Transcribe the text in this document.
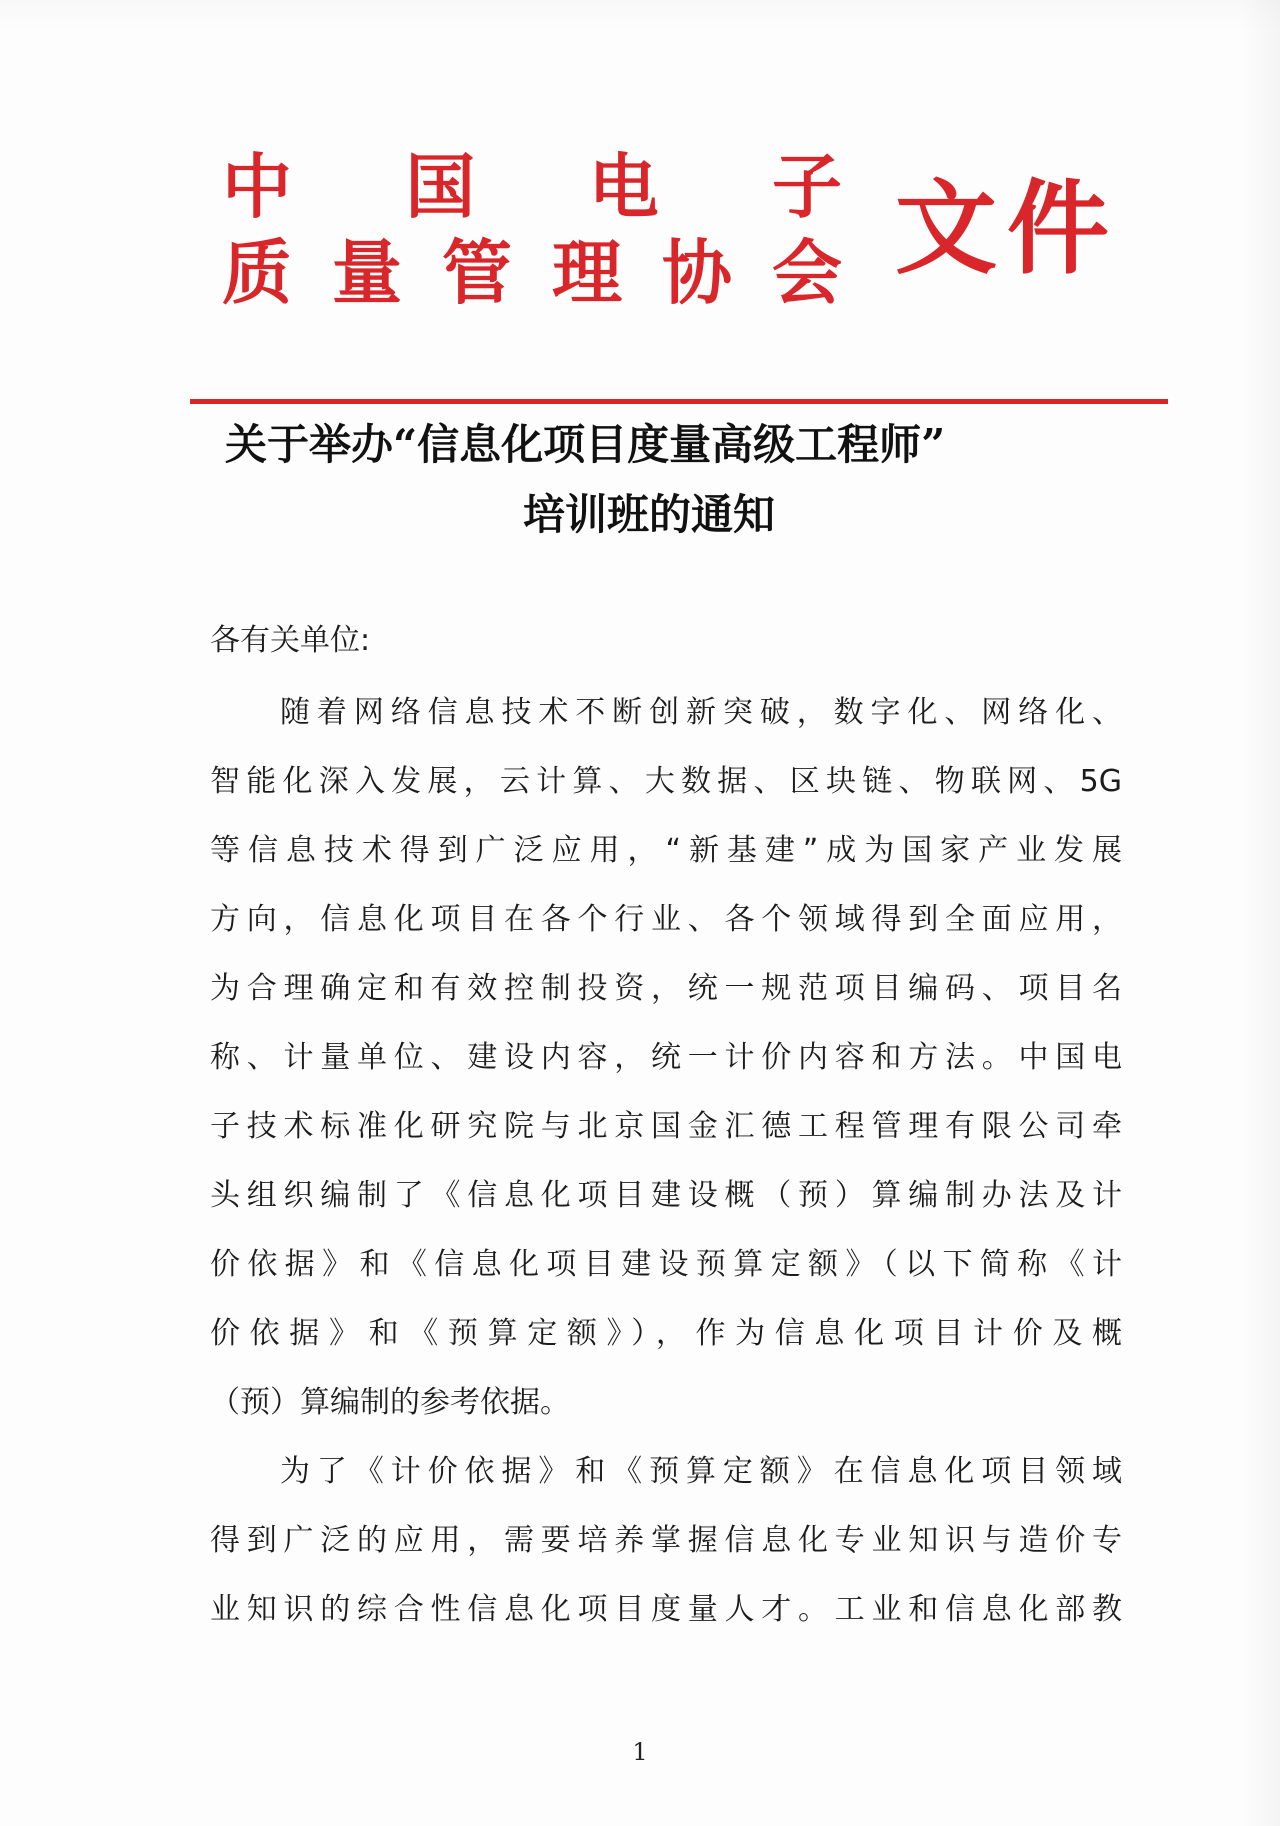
中 国 电 子
质 量 管 理 协 会 文件
关于举办“信息化项目度量高级工程师”
培训班的通知
各有关单位:
随着网络信息技术不断创新突破，数字化、网络化、
智能化深入发展，云计算、大数据、区块链、物联网、5G
等信息技术得到广泛应用，“新基建”成为国家产业发展
方向，信息化项目在各个行业、各个领域得到全面应用，
为合理确定和有效控制投资，统一规范项目编码、项目名
称、计量单位、建设内容，统一计价内容和方法。中国电
子技术标准化研究院与北京国金汇德工程管理有限公司牵
头组织编制了《信息化项目建设概（预）算编制办法及计
价依据》和《信息化项目建设预算定额》（以下简称《计
价依据》和《预算定额》），作为信息化项目计价及概
（预）算编制的参考依据。
为了《计价依据》和《预算定额》在信息化项目领域
得到广泛的应用，需要培养掌握信息化专业知识与造价专
业知识的综合性信息化项目度量人才。工业和信息化部教
1
